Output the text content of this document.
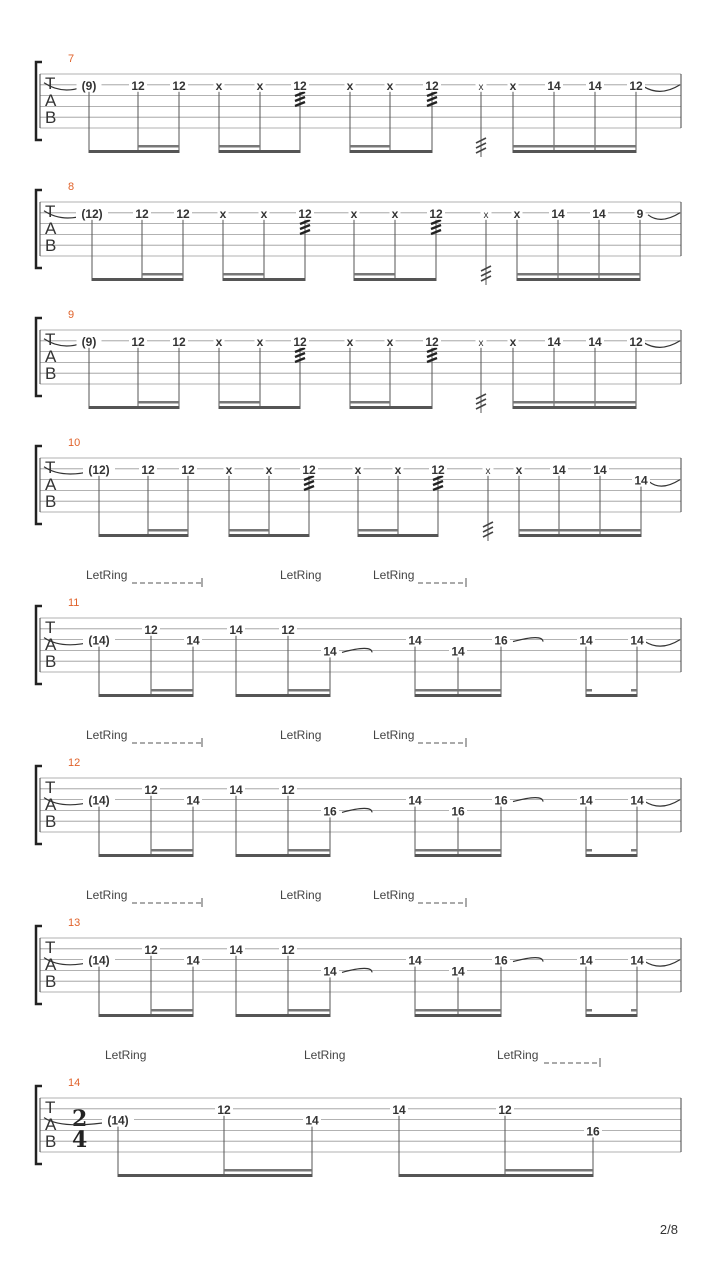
7
T
A
B
(9)	12 12 x	x 12	x	x	12	x x	14 14 12
8
T
A
B
(12)	12 12 x	x	12	x	x	12	x x	14 14	9
9
T
A
B
(9)	12 12 x	x 12	x	x	12	x x	14 14 12
10
T
A
B
(12)	12 12	x	x 12	x	x 12	x x 14 14
14
LetRing	LetRing	LetRing
11
T
A
B
(14)
12
14
14	12
14
14
14
16	14	14
LetRing	LetRing	LetRing
12
T
A
B
(14)
12
14
14	12
16
14
16
16	14	14
LetRing	LetRing	LetRing
13
T
A
B
(14)
12
14
14	12
14
14
14
16	14	14
LetRing	LetRing	LetRing
14
T
A
B
2
4
(14)
12
14
14	12
16
2/8
